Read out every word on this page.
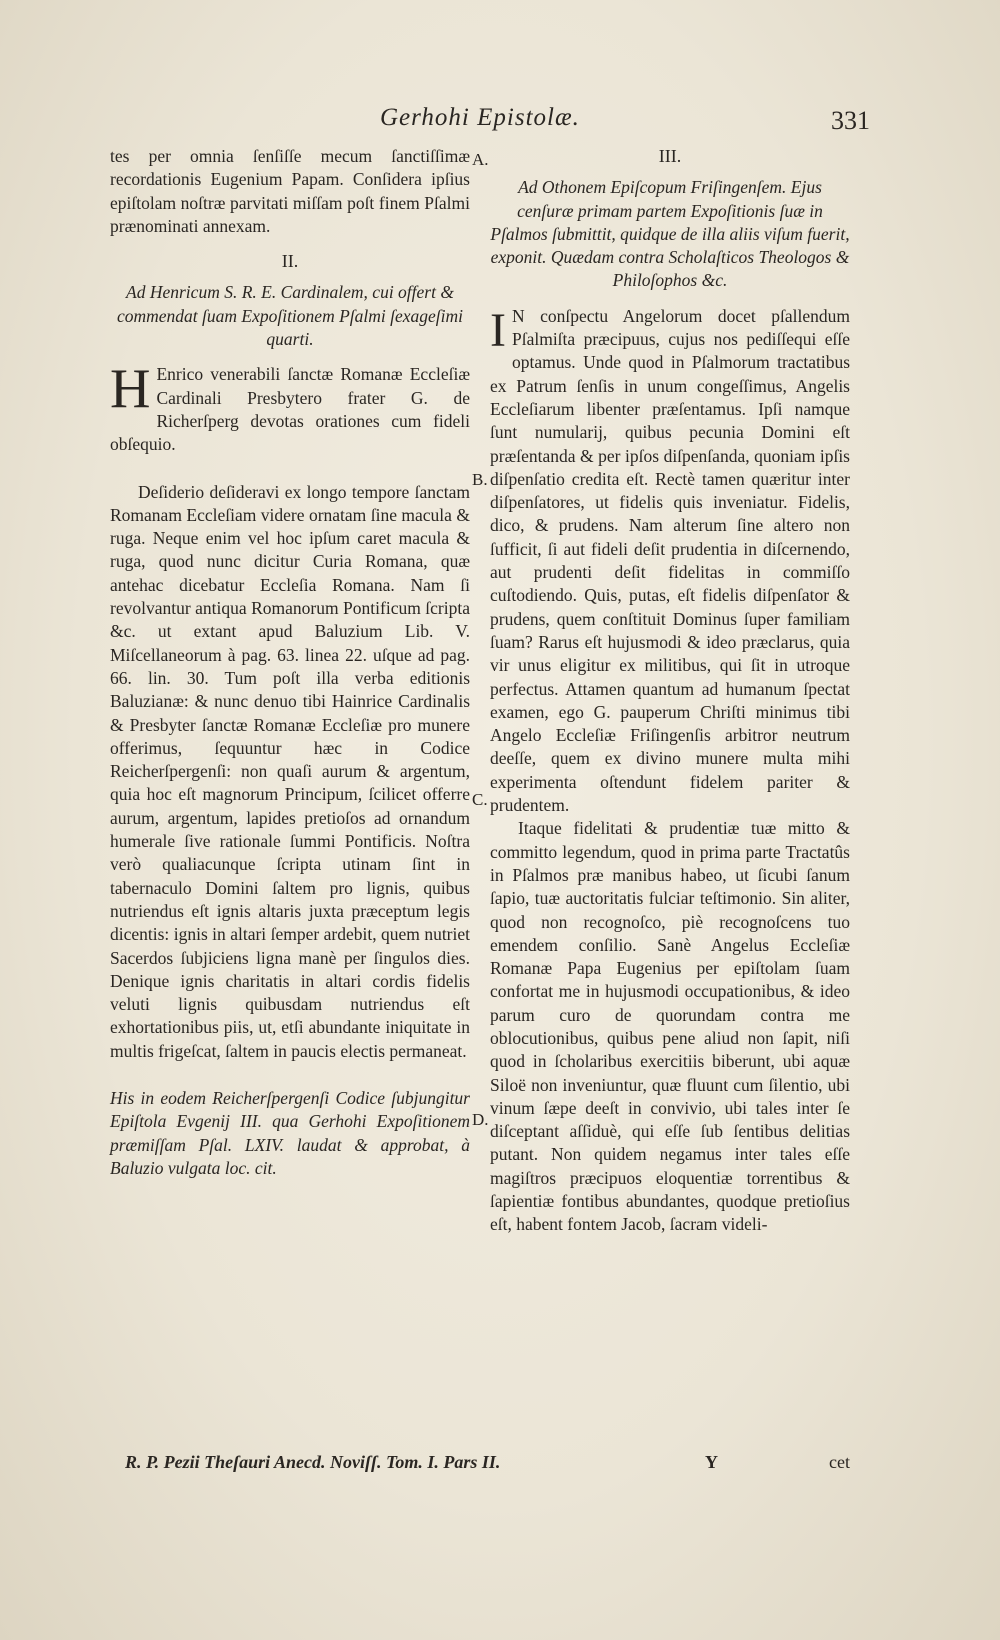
Gerhohi Epistolæ.	331

tes per omnia ſenſiſſe mecum ſanctiſſimæ recordationis Eugenium Papam. Conſidera ipſius epiſtolam noſtræ parvitati miſſam poſt finem Pſalmi prænominati annexam.

II.

Ad Henricum S. R. E. Cardinalem, cui offert & commendat ſuam Expoſitionem Pſalmi ſexageſimi quarti.

H Enrico venerabili ſanctæ Romanæ Eccleſiæ Cardinali Presbytero frater G. de Richerſperg devotas orationes cum fideli obſequio.

Deſiderio deſideravi ex longo tempore ſanctam Romanam Eccleſiam videre ornatam ſine macula & ruga. Neque enim vel hoc ipſum caret macula & ruga, quod nunc dicitur Curia Romana, quæ antehac dicebatur Eccleſia Romana. Nam ſi revolvantur antiqua Romanorum Pontificum ſcripta &c. ut extant apud Baluzium Lib. V. Miſcellaneorum à pag. 63. linea 22. uſque ad pag. 66. lin. 30. Tum poſt illa verba editionis Baluzianæ: & nunc denuo tibi Hainrice Cardinalis & Presbyter ſanctæ Romanæ Eccleſiæ pro munere offerimus, ſequuntur hæc in Codice Reicherſpergenſi: non quaſi aurum & argentum, quia hoc eſt magnorum Principum, ſcilicet offerre aurum, argentum, lapides pretioſos ad ornandum humerale ſive rationale ſummi Pontificis. Noſtra verò qualiacunque ſcripta utinam ſint in tabernaculo Domini ſaltem pro lignis, quibus nutriendus eſt ignis altaris juxta præceptum legis dicentis: ignis in altari ſemper ardebit, quem nutriet Sacerdos ſubjiciens ligna manè per ſingulos dies. Denique ignis charitatis in altari cordis fidelis veluti lignis quibusdam nutriendus eſt exhortationibus piis, ut, etſi abundante iniquitate in multis frigeſcat, ſaltem in paucis electis permaneat.

His in eodem Reicherſpergenſi Codice ſubjungitur Epiſtola Evgenij III. qua Gerhohi Expoſitionem præmiſſam Pſal. LXIV. laudat & approbat, à Baluzio vulgata loc. cit.

III.

Ad Othonem Epiſcopum Friſingenſem. Ejus cenſuræ primam partem Expoſitionis ſuæ in Pſalmos ſubmittit, quidque de illa aliis viſum fuerit, exponit. Quædam contra Scholaſticos Theologos & Philoſophos &c.

I N conſpectu Angelorum docet pſallendum Pſalmiſta præcipuus, cujus nos pediſſequi eſſe optamus. Unde quod in Pſalmorum tractatibus ex Patrum ſenſis in unum congeſſimus, Angelis Eccleſiarum libenter præſentamus. Ipſi namque ſunt numularij, quibus pecunia Domini eſt præſentanda & per ipſos diſpenſanda, quoniam ipſis diſpenſatio credita eſt. Rectè tamen quæritur inter diſpenſatores, ut fidelis quis inveniatur. Fidelis, dico, & prudens. Nam alterum ſine altero non ſufficit, ſi aut fideli deſit prudentia in diſcernendo, aut prudenti deſit fidelitas in commiſſo cuſtodiendo. Quis, putas, eſt fidelis diſpenſator & prudens, quem conſtituit Dominus ſuper familiam ſuam? Rarus eſt hujusmodi & ideo præclarus, quia vir unus eligitur ex militibus, qui ſit in utroque perfectus. Attamen quantum ad humanum ſpectat examen, ego G. pauperum Chriſti minimus tibi Angelo Eccleſiæ Friſingenſis arbitror neutrum deeſſe, quem ex divino munere multa mihi experimenta oſtendunt fidelem pariter & prudentem.

Itaque fidelitati & prudentiæ tuæ mitto & committo legendum, quod in prima parte Tractatûs in Pſalmos præ manibus habeo, ut ſicubi ſanum ſapio, tuæ auctoritatis fulciar teſtimonio. Sin aliter, quod non recognoſco, piè recognoſcens tuo emendem conſilio. Sanè Angelus Eccleſiæ Romanæ Papa Eugenius per epiſtolam ſuam confortat me in hujusmodi occupationibus, & ideo parum curo de quorundam contra me oblocutionibus, quibus pene aliud non ſapit, niſi quod in ſcholaribus exercitiis biberunt, ubi aquæ Siloë non inveniuntur, quæ fluunt cum ſilentio, ubi vinum ſæpe deeſt in convivio, ubi tales inter ſe diſceptant aſſiduè, qui eſſe ſub ſentibus delitias putant. Non quidem negamus inter tales eſſe magiſtros præcipuos eloquentiæ torrentibus & ſapientiæ fontibus abundantes, quodque pretioſius eſt, habent fontem Jacob, ſacram videli-

A.
B.
C.
D.
R. P. Pezii Theſauri Anecd. Noviſſ. Tom. I. Pars II.	Y	cet
